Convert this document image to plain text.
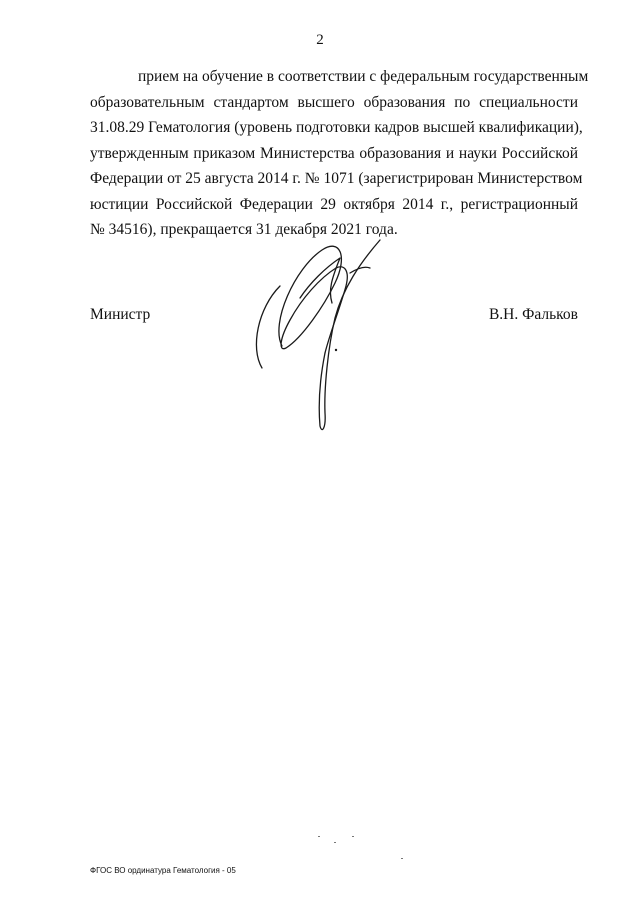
2
прием на обучение в соответствии с федеральным государственным
образовательным стандартом высшего образования по специальности
31.08.29 Гематология (уровень подготовки кадров высшей квалификации),
утвержденным приказом Министерства образования и науки Российской
Федерации от 25 августа 2014 г. № 1071 (зарегистрирован Министерством
юстиции Российской Федерации 29 октября 2014 г., регистрационный
№ 34516), прекращается 31 декабря 2021 года.
Министр	В.Н. Фальков
ФГОС ВО ординатура Гематология - 05
